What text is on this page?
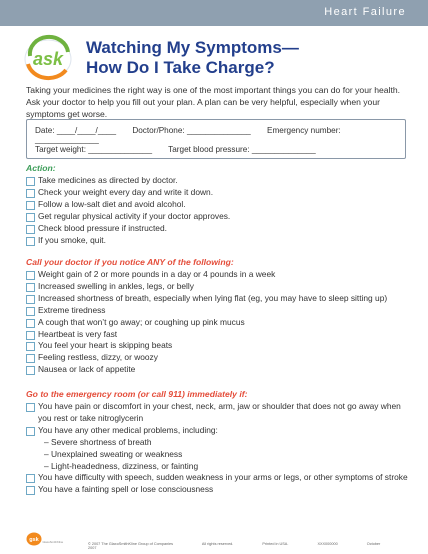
Heart Failure
ask
Watching My Symptoms—
How Do I Take Charge?

Taking your medicines the right way is one of the most important things you can do for your health. Ask your doctor to help you fill out your plan. A plan can be very helpful, especially when your symptoms get worse.

Date: ____/____/____ Doctor/Phone: ______________ Emergency number: ______________
Target weight: ______________ Target blood pressure: ______________
Action:
Take medicines as directed by doctor.
Check your weight every day and write it down.
Follow a low-salt diet and avoid alcohol.
Get regular physical activity if your doctor approves.
Check blood pressure if instructed.
If you smoke, quit.
Call your doctor if you notice ANY of the following:
Weight gain of 2 or more pounds in a day or 4 pounds in a week
Increased swelling in ankles, legs, or belly
Increased shortness of breath, especially when lying flat (eg, you may have to sleep sitting up)
Extreme tiredness
A cough that won’t go away; or coughing up pink mucus
Heartbeat is very fast
You feel your heart is skipping beats
Feeling restless, dizzy, or woozy
Nausea or lack of appetite
Go to the emergency room (or call 911) immediately if:
You have pain or discomfort in your chest, neck, arm, jaw or shoulder that does not go away when you rest or take nitroglycerin
You have any other medical problems, including:
– Severe shortness of breath
– Unexplained sweating or weakness
– Light-headedness, dizziness, or fainting
You have difficulty with speech, sudden weakness in your arms or legs, or other symptoms of stroke
You have a fainting spell or lose consciousness
gsk	GlaxoSmithKline	© 2007 The GlaxoSmithKline Group of Companies	All rights reserved.	Printed in USA.	XXX000000	October 2007
